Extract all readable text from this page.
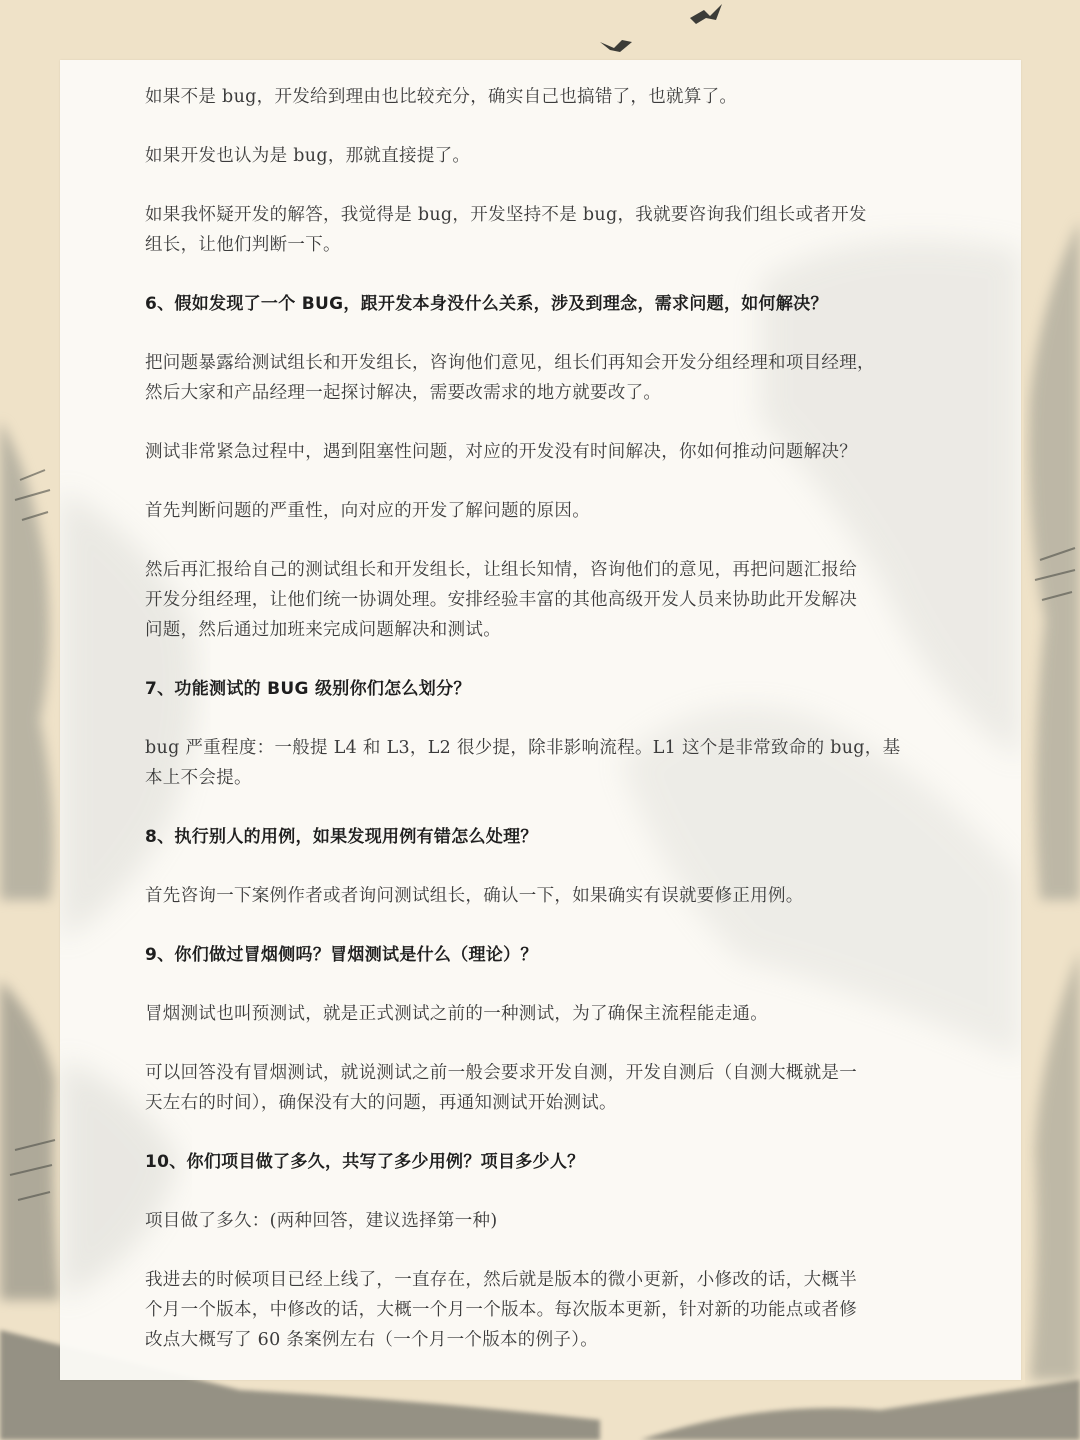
如果不是 bug，开发给到理由也比较充分，确实自己也搞错了，也就算了。

如果开发也认为是 bug，那就直接提了。

如果我怀疑开发的解答，我觉得是 bug，开发坚持不是 bug，我就要咨询我们组长或者开发
组长，让他们判断一下。

6、假如发现了一个 BUG，跟开发本身没什么关系，涉及到理念，需求问题，如何解决？

把问题暴露给测试组长和开发组长，咨询他们意见，组长们再知会开发分组经理和项目经理，
然后大家和产品经理一起探讨解决，需要改需求的地方就要改了。

测试非常紧急过程中，遇到阻塞性问题，对应的开发没有时间解决，你如何推动问题解决？

首先判断问题的严重性，向对应的开发了解问题的原因。

然后再汇报给自己的测试组长和开发组长，让组长知情，咨询他们的意见，再把问题汇报给
开发分组经理，让他们统一协调处理。安排经验丰富的其他高级开发人员来协助此开发解决
问题，然后通过加班来完成问题解决和测试。

7、功能测试的 BUG 级别你们怎么划分？

bug 严重程度：一般提 L4 和 L3，L2 很少提，除非影响流程。L1 这个是非常致命的 bug，基
本上不会提。

8、执行别人的用例，如果发现用例有错怎么处理？

首先咨询一下案例作者或者询问测试组长，确认一下，如果确实有误就要修正用例。

9、你们做过冒烟侧吗？冒烟测试是什么（理论）？

冒烟测试也叫预测试，就是正式测试之前的一种测试，为了确保主流程能走通。

可以回答没有冒烟测试，就说测试之前一般会要求开发自测，开发自测后（自测大概就是一
天左右的时间），确保没有大的问题，再通知测试开始测试。

10、你们项目做了多久，共写了多少用例？项目多少人？

项目做了多久：(两种回答，建议选择第一种)

我进去的时候项目已经上线了，一直存在，然后就是版本的微小更新，小修改的话，大概半
个月一个版本，中修改的话，大概一个月一个版本。每次版本更新，针对新的功能点或者修
改点大概写了 60 条案例左右（一个月一个版本的例子）。
